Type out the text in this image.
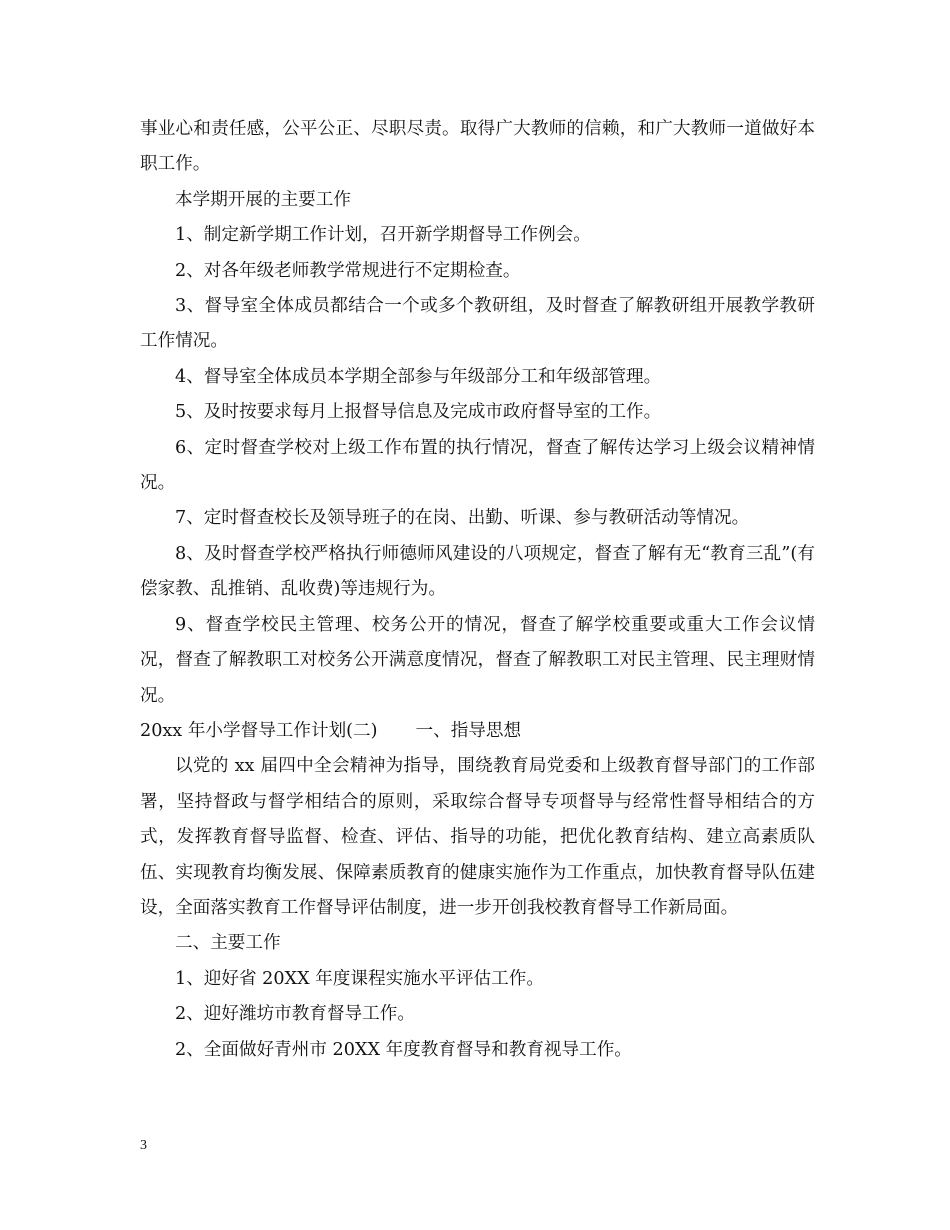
事业心和责任感，公平公正、尽职尽责。取得广大教师的信赖，和广大教师一道做好本职工作。

本学期开展的主要工作

1、制定新学期工作计划，召开新学期督导工作例会。

2、对各年级老师教学常规进行不定期检查。

3、督导室全体成员都结合一个或多个教研组，及时督查了解教研组开展教学教研工作情况。

4、督导室全体成员本学期全部参与年级部分工和年级部管理。

5、及时按要求每月上报督导信息及完成市政府督导室的工作。

6、定时督查学校对上级工作布置的执行情况，督查了解传达学习上级会议精神情况。

7、定时督查校长及领导班子的在岗、出勤、听课、参与教研活动等情况。

8、及时督查学校严格执行师德师风建设的八项规定，督查了解有无“教育三乱”(有偿家教、乱推销、乱收费)等违规行为。

9、督查学校民主管理、校务公开的情况，督查了解学校重要或重大工作会议情况，督查了解教职工对校务公开满意度情况，督查了解教职工对民主管理、民主理财情况。

20xx 年小学督导工作计划(二) 一、指导思想

以党的 xx 届四中全会精神为指导，围绕教育局党委和上级教育督导部门的工作部署，坚持督政与督学相结合的原则，采取综合督导专项督导与经常性督导相结合的方式，发挥教育督导监督、检查、评估、指导的功能，把优化教育结构、建立高素质队伍、实现教育均衡发展、保障素质教育的健康实施作为工作重点，加快教育督导队伍建设，全面落实教育工作督导评估制度，进一步开创我校教育督导工作新局面。

二、主要工作

1、迎好省 20XX 年度课程实施水平评估工作。

2、迎好潍坊市教育督导工作。

2、全面做好青州市 20XX 年度教育督导和教育视导工作。

3
